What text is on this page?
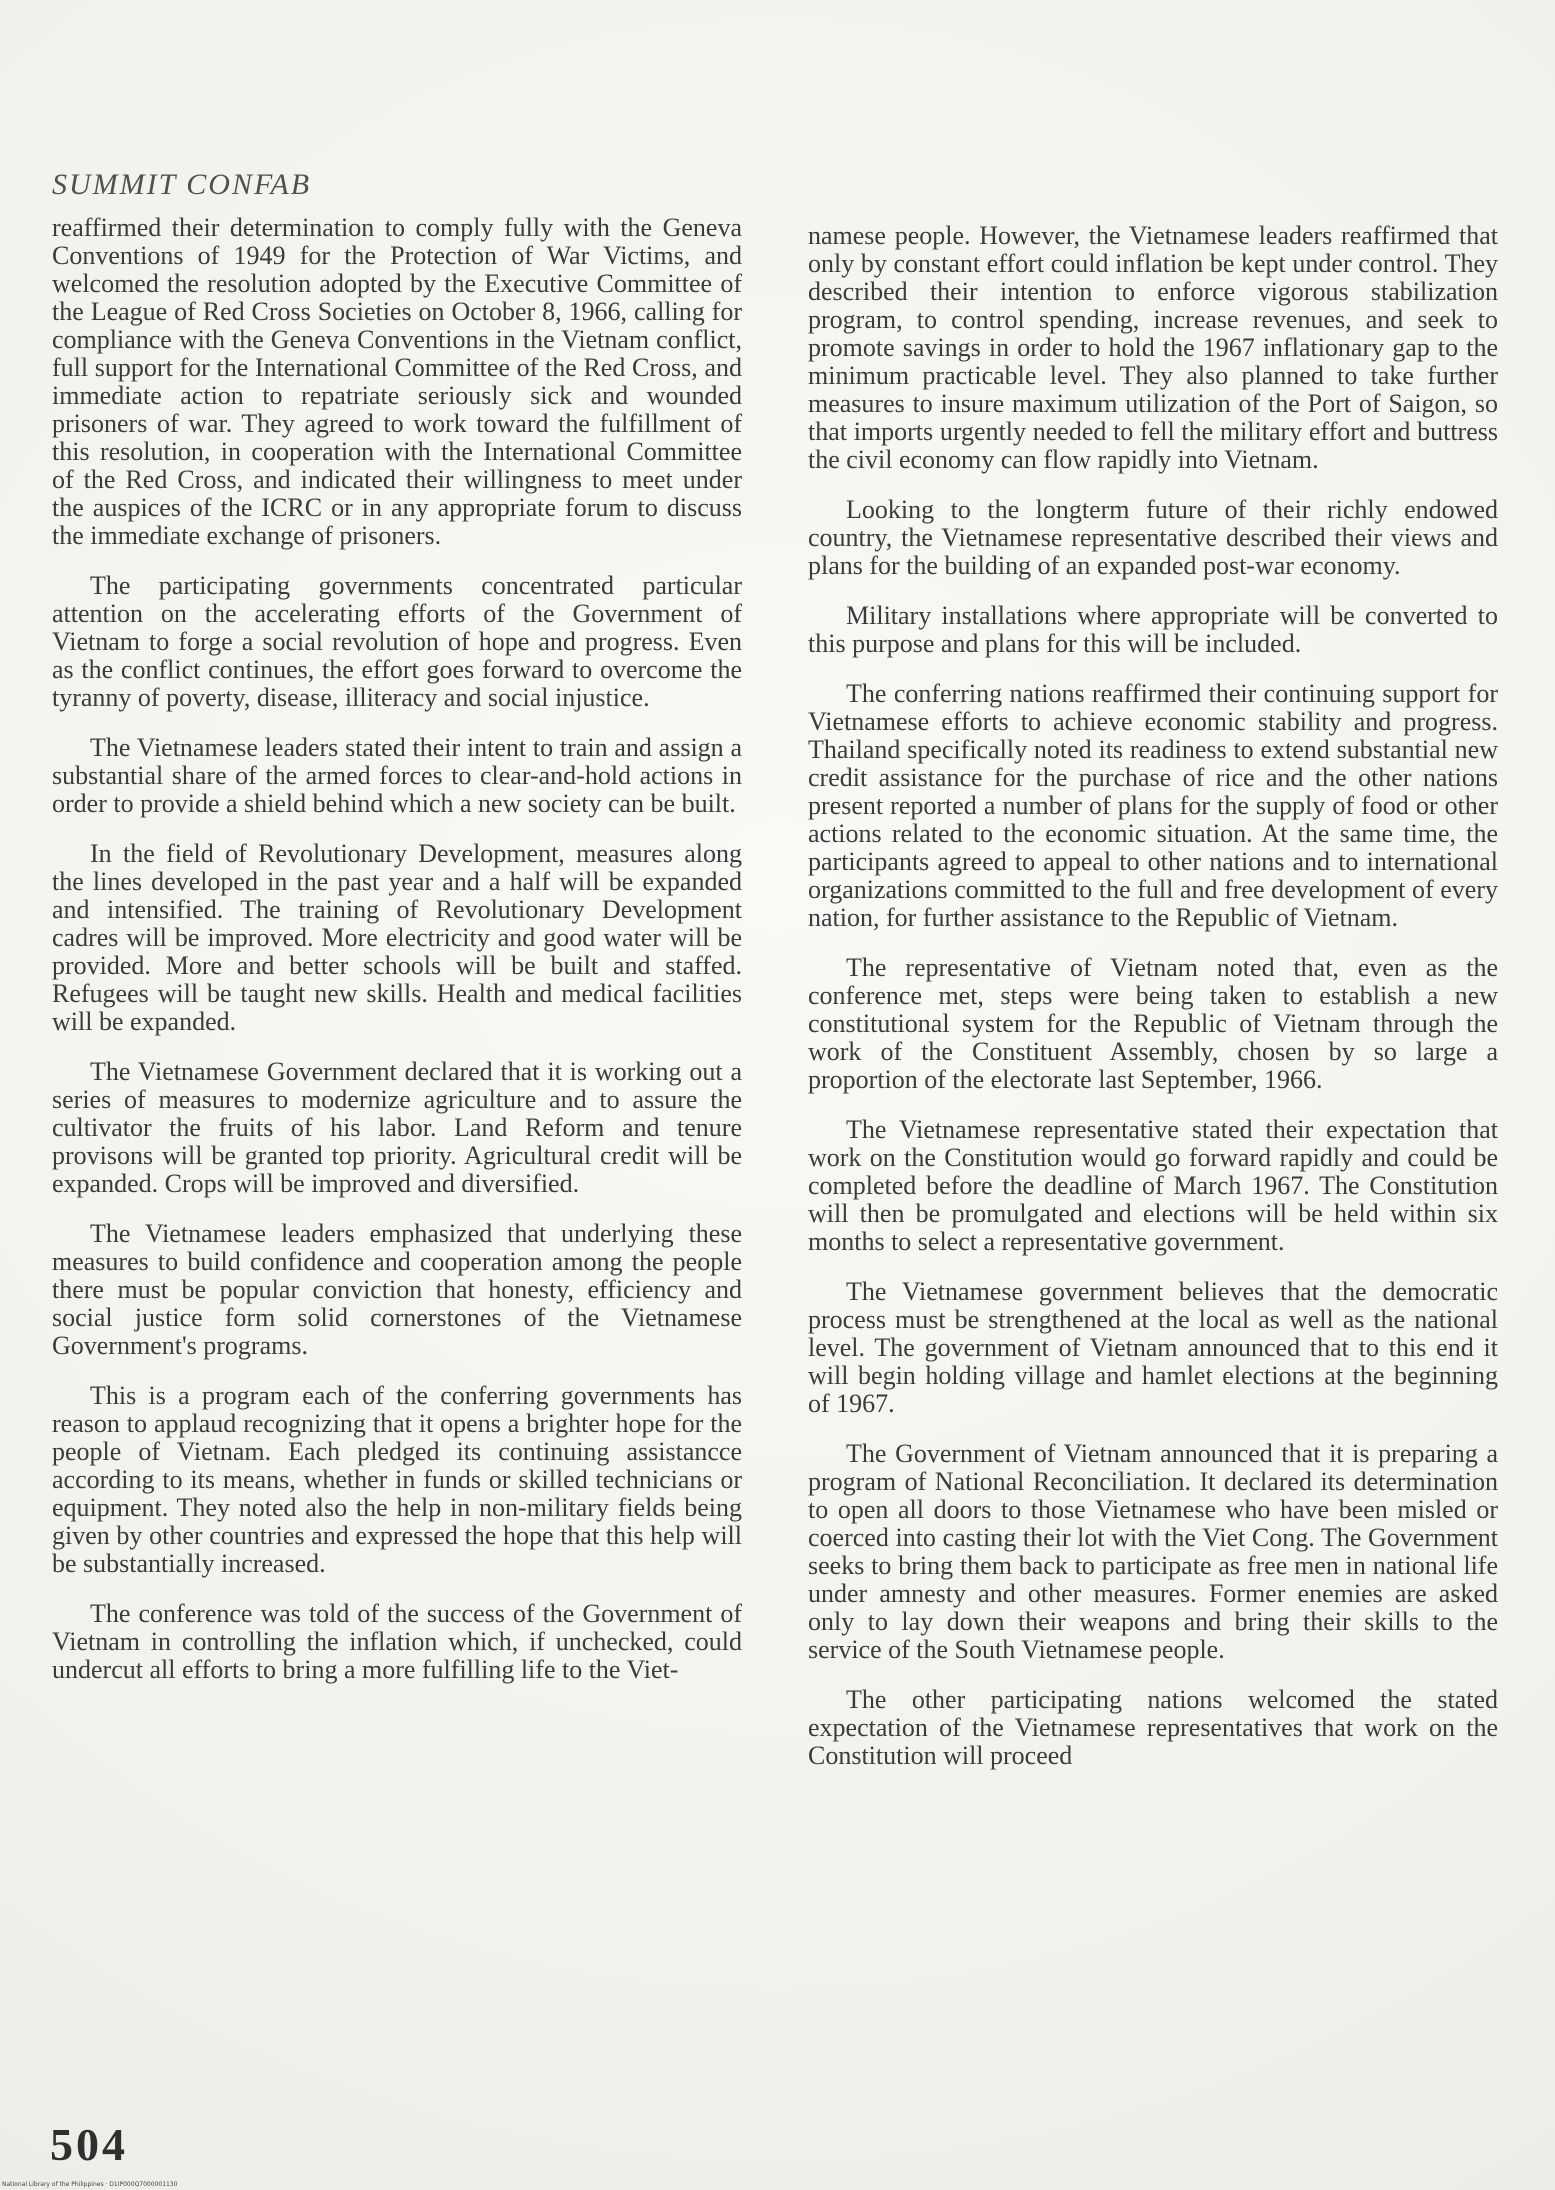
SUMMIT CONFAB

reaffirmed their determination to comply fully with the Geneva Conventions of 1949 for the Protection of War Victims, and welcomed the resolution adopted by the Executive Committee of the League of Red Cross Societies on October 8, 1966, calling for compliance with the Geneva Conventions in the Vietnam conflict, full support for the International Committee of the Red Cross, and immediate action to repatriate seriously sick and wounded prisoners of war. They agreed to work toward the fulfillment of this resolution, in cooperation with the International Committee of the Red Cross, and indicated their willingness to meet under the auspices of the ICRC or in any appropriate forum to discuss the immediate exchange of prisoners.

The participating governments concentrated particular attention on the accelerating efforts of the Government of Vietnam to forge a social revolution of hope and progress. Even as the conflict continues, the effort goes forward to overcome the tyranny of poverty, disease, illiteracy and social injustice.

The Vietnamese leaders stated their intent to train and assign a substantial share of the armed forces to clear-and-hold actions in order to provide a shield behind which a new society can be built.

In the field of Revolutionary Development, measures along the lines developed in the past year and a half will be expanded and intensified. The training of Revolutionary Development cadres will be improved. More electricity and good water will be provided. More and better schools will be built and staffed. Refugees will be taught new skills. Health and medical facilities will be expanded.

The Vietnamese Government declared that it is working out a series of measures to modernize agriculture and to assure the cultivator the fruits of his labor. Land Reform and tenure provisons will be granted top priority. Agricultural credit will be expanded. Crops will be improved and diversified.

The Vietnamese leaders emphasized that underlying these measures to build confidence and cooperation among the people there must be popular conviction that honesty, efficiency and social justice form solid cornerstones of the Vietnamese Government's programs.

This is a program each of the conferring governments has reason to applaud recognizing that it opens a brighter hope for the people of Vietnam. Each pledged its continuing assistancce according to its means, whether in funds or skilled technicians or equipment. They noted also the help in non-military fields being given by other countries and expressed the hope that this help will be substantially increased.

The conference was told of the success of the Government of Vietnam in controlling the inflation which, if unchecked, could undercut all efforts to bring a more fulfilling life to the Viet-

namese people. However, the Vietnamese leaders reaffirmed that only by constant effort could inflation be kept under control. They described their intention to enforce vigorous stabilization program, to control spending, increase revenues, and seek to promote savings in order to hold the 1967 inflationary gap to the minimum practicable level. They also planned to take further measures to insure maximum utilization of the Port of Saigon, so that imports urgently needed to fell the military effort and buttress the civil economy can flow rapidly into Vietnam.

Looking to the longterm future of their richly endowed country, the Vietnamese representative described their views and plans for the building of an expanded post-war economy.

Military installations where appropriate will be converted to this purpose and plans for this will be included.

The conferring nations reaffirmed their continuing support for Vietnamese efforts to achieve economic stability and progress. Thailand specifically noted its readiness to extend substantial new credit assistance for the purchase of rice and the other nations present reported a number of plans for the supply of food or other actions related to the economic situation. At the same time, the participants agreed to appeal to other nations and to international organizations committed to the full and free development of every nation, for further assistance to the Republic of Vietnam.

The representative of Vietnam noted that, even as the conference met, steps were being taken to establish a new constitutional system for the Republic of Vietnam through the work of the Constituent Assembly, chosen by so large a proportion of the electorate last September, 1966.

The Vietnamese representative stated their expectation that work on the Constitution would go forward rapidly and could be completed before the deadline of March 1967. The Constitution will then be promulgated and elections will be held within six months to select a representative government.

The Vietnamese government believes that the democratic process must be strengthened at the local as well as the national level. The government of Vietnam announced that to this end it will begin holding village and hamlet elections at the beginning of 1967.

The Government of Vietnam announced that it is preparing a program of National Reconciliation. It declared its determination to open all doors to those Vietnamese who have been misled or coerced into casting their lot with the Viet Cong. The Government seeks to bring them back to participate as free men in national life under amnesty and other measures. Former enemies are asked only to lay down their weapons and bring their skills to the service of the South Vietnamese people.

The other participating nations welcomed the stated expectation of the Vietnamese representatives that work on the Constitution will proceed

504
National Library of the Philippines · D1IP000Q7000001130
